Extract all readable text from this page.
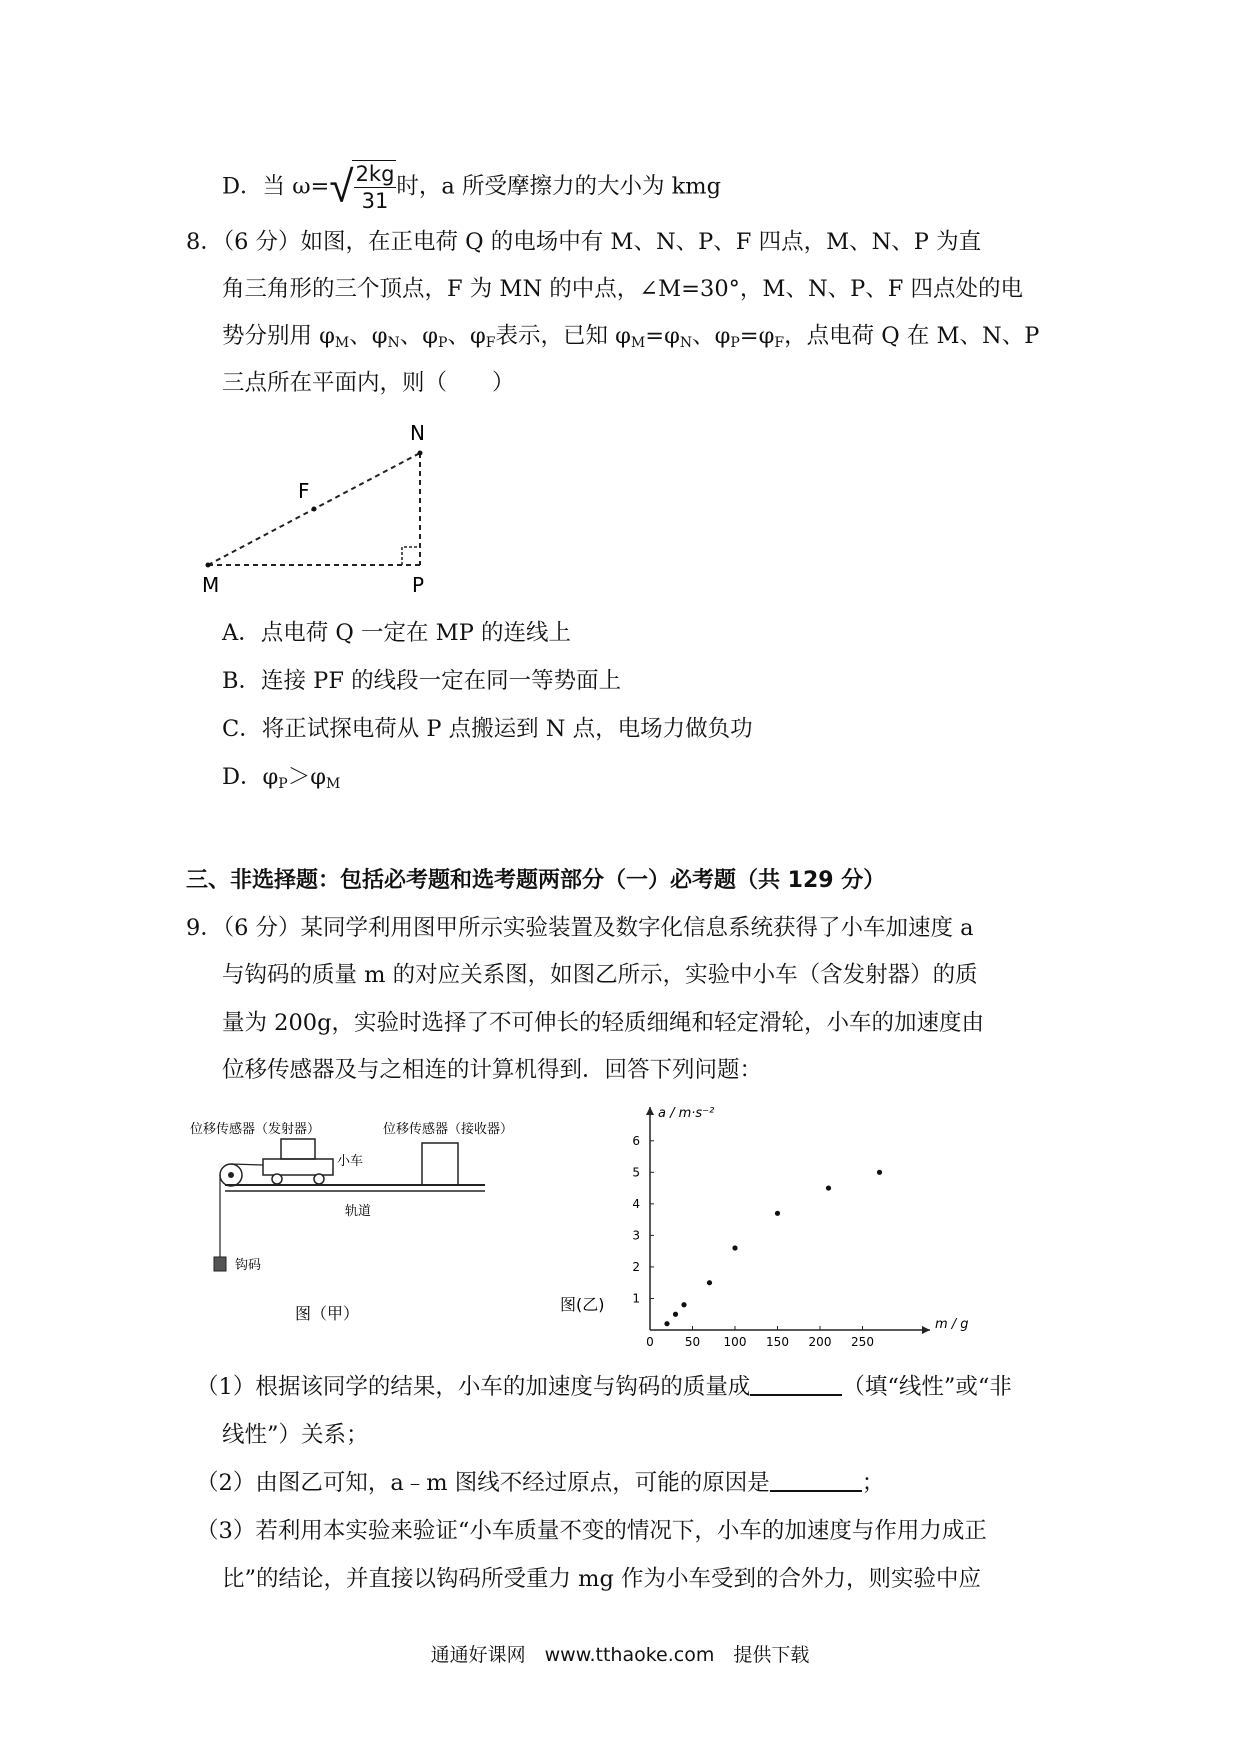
D．当 $\omega=√ \frac{2kg}{31}$ 时，a 所受摩擦力的大小为 kmg
8．（6 分）如图，在正电荷 Q 的电场中有 M、N、P、F 四点，M、N、P 为直
角三角形的三个顶点，F 为 MN 的中点，∠M=30°，M、N、P、F 四点处的电
势分别用 $\varphi_M$、$\varphi_N$、$\varphi_P$、$\varphi_F$表示，已知 $\varphi_M=\varphi_N$、$\varphi_P=\varphi_F$，点电荷 Q 在 M、N、P
三点所在平面内，则（　　）
M	P
N
F
A．点电荷 Q 一定在 MP 的连线上
B．连接 PF 的线段一定在同一等势面上
C．将正试探电荷从 P 点搬运到 N 点，电场力做负功
D．$\varphi_P>\varphi_M$
三、非选择题：包括必考题和选考题两部分（一）必考题（共 129 分）
9．（6 分）某同学利用图甲所示实验装置及数字化信息系统获得了小车加速度 a
与钩码的质量 m 的对应关系图，如图乙所示，实验中小车（含发射器）的质
量为 200g，实验时选择了不可伸长的轻质细绳和轻定滑轮，小车的加速度由
位移传感器及与之相连的计算机得到．回答下列问题：
位移传感器（发射器）	位移传感器（接收器）
小车
钩码
轨道
图（甲）	图(乙)
m / g
a / m·s⁻²
0	50 100 150 200 250
1
2
3
4
5
6
（1）根据该同学的结果，小车的加速度与钩码的质量成	（填“线性”或“非
线性”）关系；
（2）由图乙可知，a﹣m 图线不经过原点，可能的原因是	；
（3）若利用本实验来验证“小车质量不变的情况下，小车的加速度与作用力成正
比”的结论，并直接以钩码所受重力 mg 作为小车受到的合外力，则实验中应
通通好课网　www.tthaoke.com　提供下载
